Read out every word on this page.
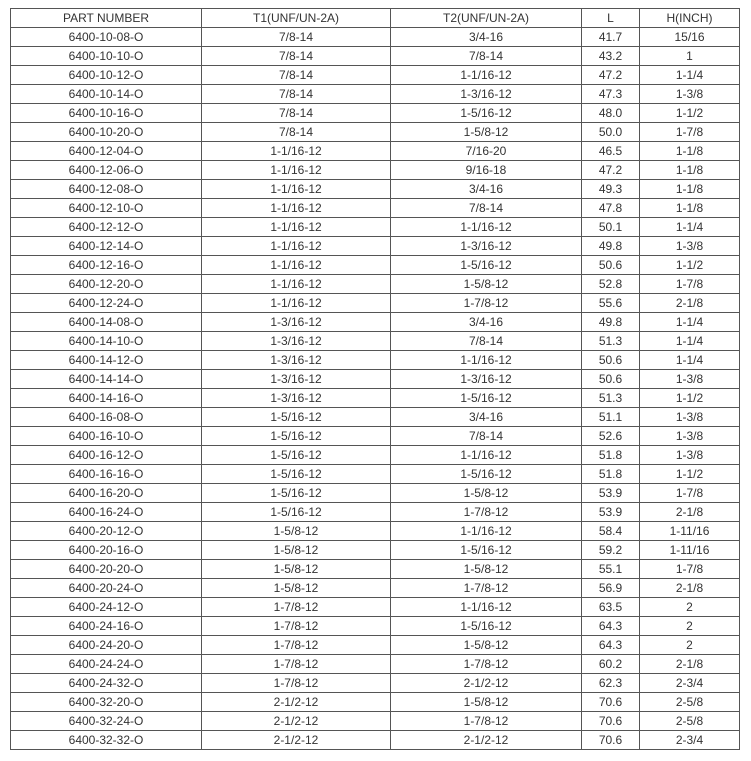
PART NUMBER	T1(UNF/UN-2A)	T2(UNF/UN-2A)	L	H(INCH)
6400-10-08-O	7/8-14	3/4-16	41.7	15/16
6400-10-10-O	7/8-14	7/8-14	43.2	1
6400-10-12-O	7/8-14	1-1/16-12	47.2	1-1/4
6400-10-14-O	7/8-14	1-3/16-12	47.3	1-3/8
6400-10-16-O	7/8-14	1-5/16-12	48.0	1-1/2
6400-10-20-O	7/8-14	1-5/8-12	50.0	1-7/8
6400-12-04-O	1-1/16-12	7/16-20	46.5	1-1/8
6400-12-06-O	1-1/16-12	9/16-18	47.2	1-1/8
6400-12-08-O	1-1/16-12	3/4-16	49.3	1-1/8
6400-12-10-O	1-1/16-12	7/8-14	47.8	1-1/8
6400-12-12-O	1-1/16-12	1-1/16-12	50.1	1-1/4
6400-12-14-O	1-1/16-12	1-3/16-12	49.8	1-3/8
6400-12-16-O	1-1/16-12	1-5/16-12	50.6	1-1/2
6400-12-20-O	1-1/16-12	1-5/8-12	52.8	1-7/8
6400-12-24-O	1-1/16-12	1-7/8-12	55.6	2-1/8
6400-14-08-O	1-3/16-12	3/4-16	49.8	1-1/4
6400-14-10-O	1-3/16-12	7/8-14	51.3	1-1/4
6400-14-12-O	1-3/16-12	1-1/16-12	50.6	1-1/4
6400-14-14-O	1-3/16-12	1-3/16-12	50.6	1-3/8
6400-14-16-O	1-3/16-12	1-5/16-12	51.3	1-1/2
6400-16-08-O	1-5/16-12	3/4-16	51.1	1-3/8
6400-16-10-O	1-5/16-12	7/8-14	52.6	1-3/8
6400-16-12-O	1-5/16-12	1-1/16-12	51.8	1-3/8
6400-16-16-O	1-5/16-12	1-5/16-12	51.8	1-1/2
6400-16-20-O	1-5/16-12	1-5/8-12	53.9	1-7/8
6400-16-24-O	1-5/16-12	1-7/8-12	53.9	2-1/8
6400-20-12-O	1-5/8-12	1-1/16-12	58.4	1-11/16
6400-20-16-O	1-5/8-12	1-5/16-12	59.2	1-11/16
6400-20-20-O	1-5/8-12	1-5/8-12	55.1	1-7/8
6400-20-24-O	1-5/8-12	1-7/8-12	56.9	2-1/8
6400-24-12-O	1-7/8-12	1-1/16-12	63.5	2
6400-24-16-O	1-7/8-12	1-5/16-12	64.3	2
6400-24-20-O	1-7/8-12	1-5/8-12	64.3	2
6400-24-24-O	1-7/8-12	1-7/8-12	60.2	2-1/8
6400-24-32-O	1-7/8-12	2-1/2-12	62.3	2-3/4
6400-32-20-O	2-1/2-12	1-5/8-12	70.6	2-5/8
6400-32-24-O	2-1/2-12	1-7/8-12	70.6	2-5/8
6400-32-32-O	2-1/2-12	2-1/2-12	70.6	2-3/4
